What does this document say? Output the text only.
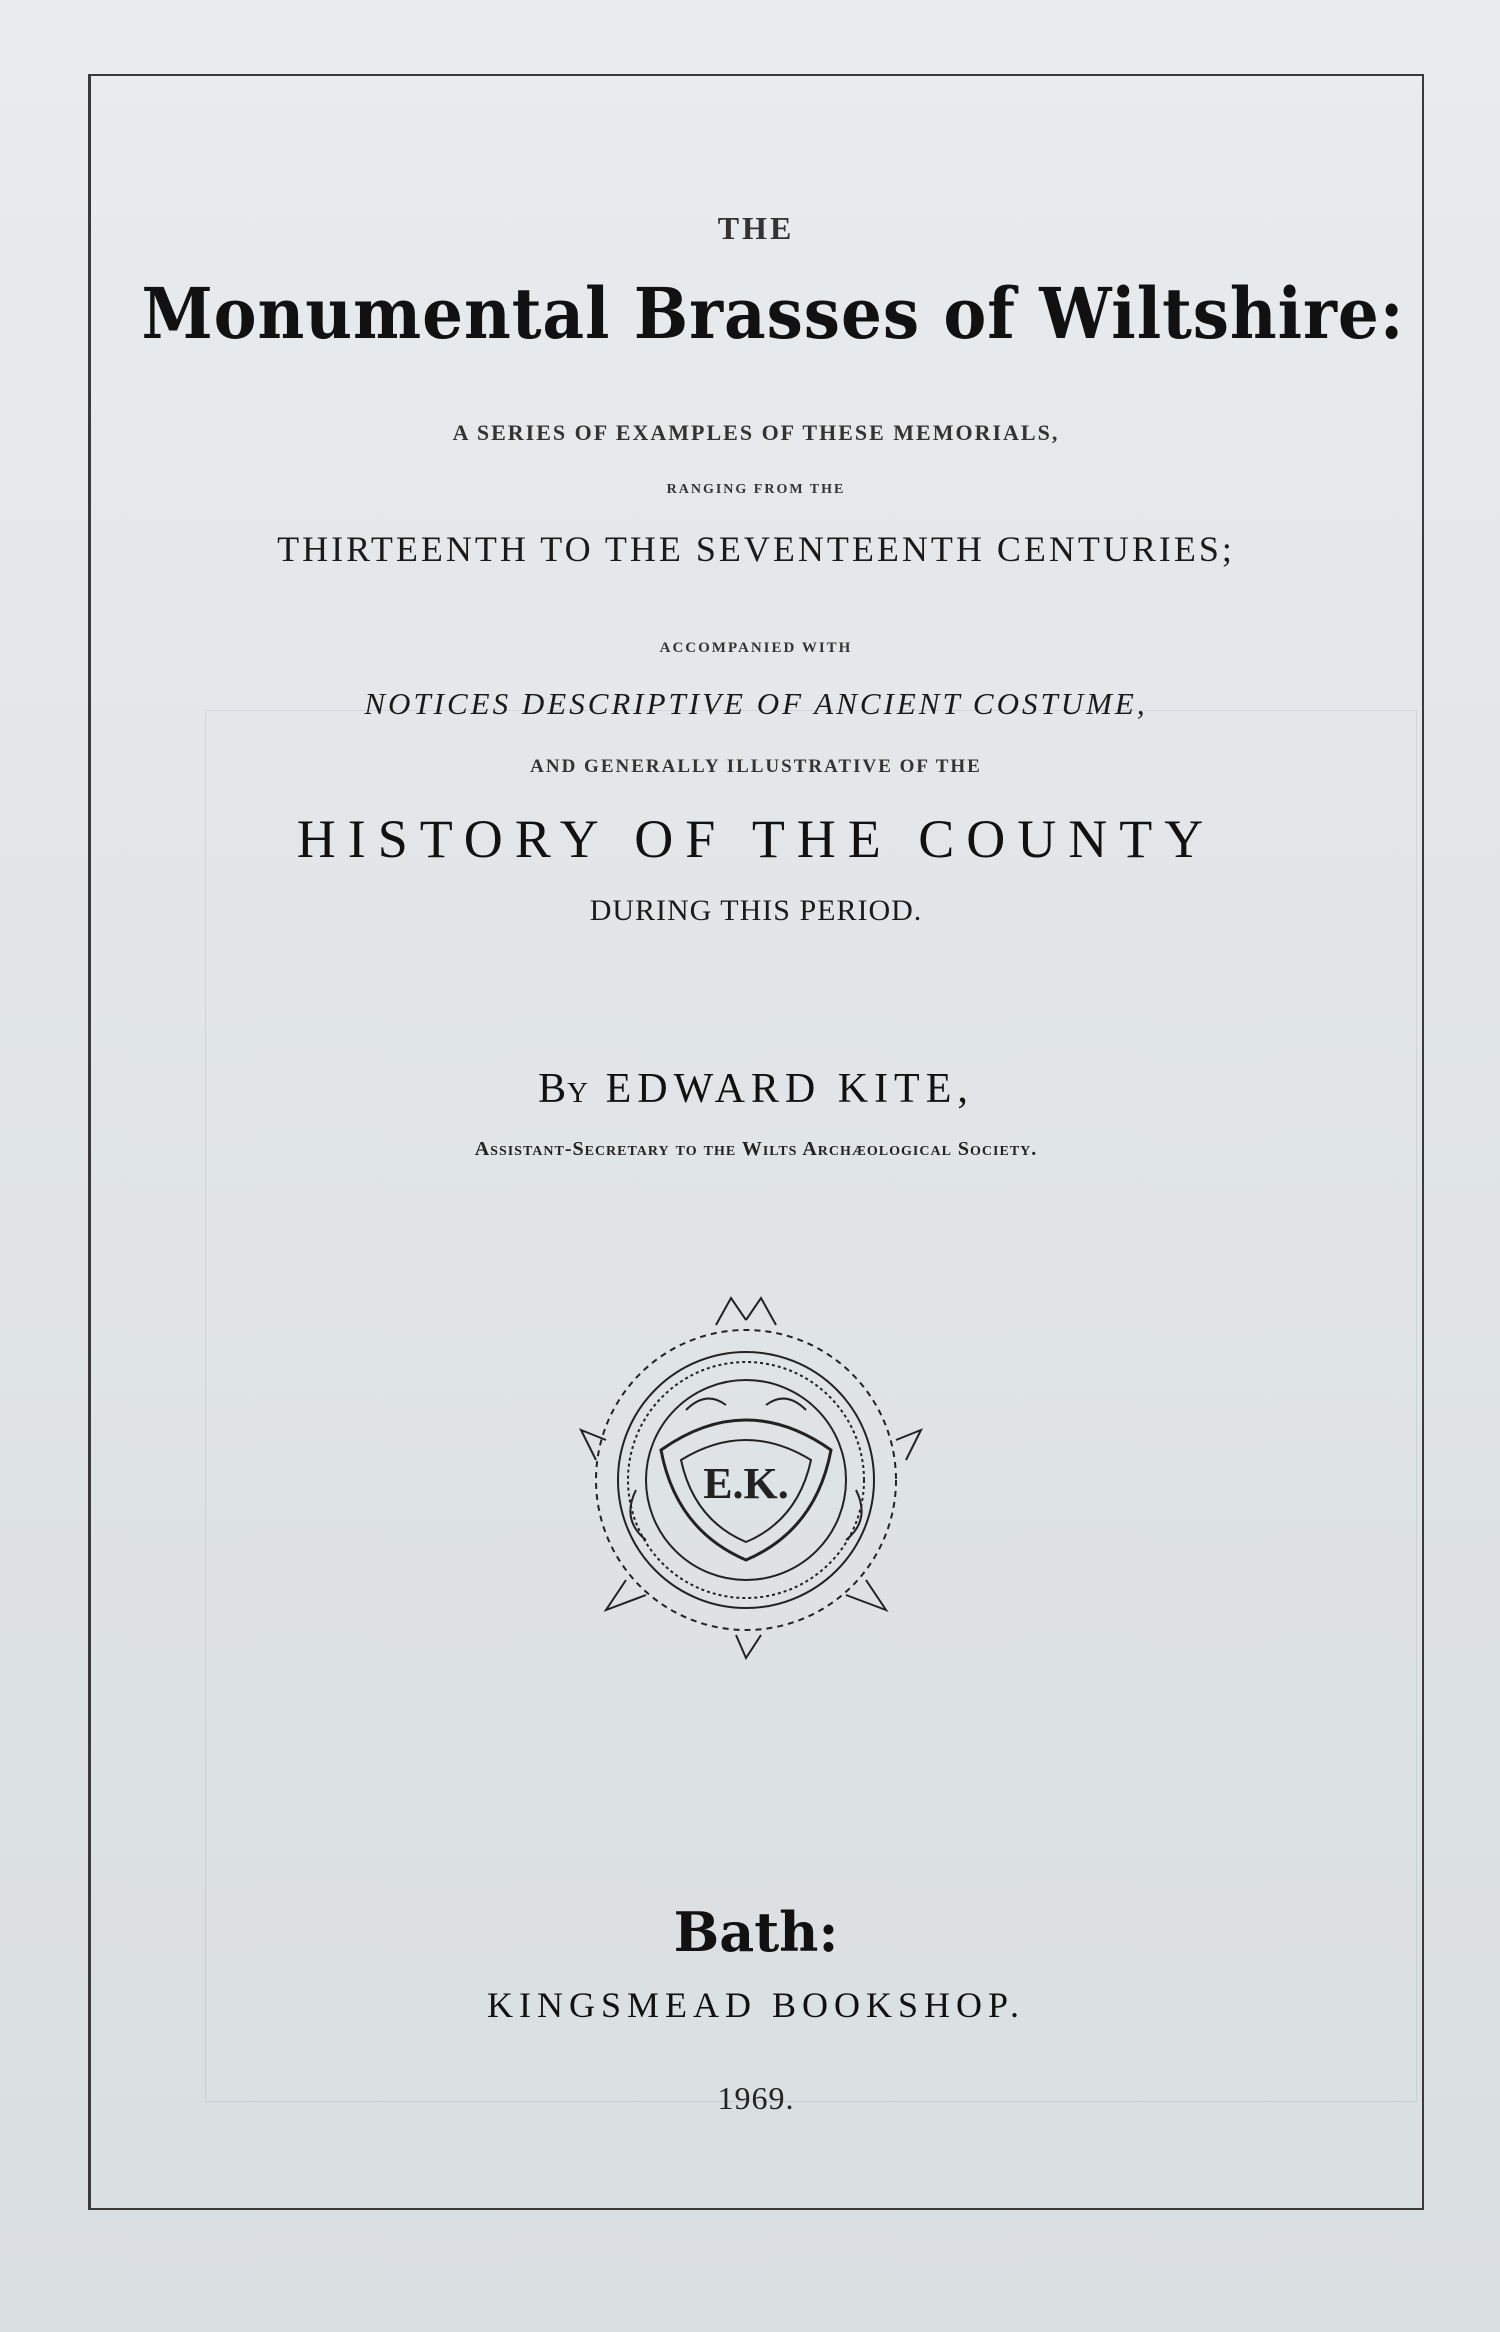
THE
Monumental Brasses of Wiltshire:
A SERIES OF EXAMPLES OF THESE MEMORIALS,
RANGING FROM THE
THIRTEENTH TO THE SEVENTEENTH CENTURIES;
ACCOMPANIED WITH
NOTICES DESCRIPTIVE OF ANCIENT COSTUME,
AND GENERALLY ILLUSTRATIVE OF THE
HISTORY OF THE COUNTY
DURING THIS PERIOD.
By EDWARD KITE,
Assistant-Secretary to the Wilts Archæological Society.
E.K.
Bath:
KINGSMEAD BOOKSHOP.
1969.
